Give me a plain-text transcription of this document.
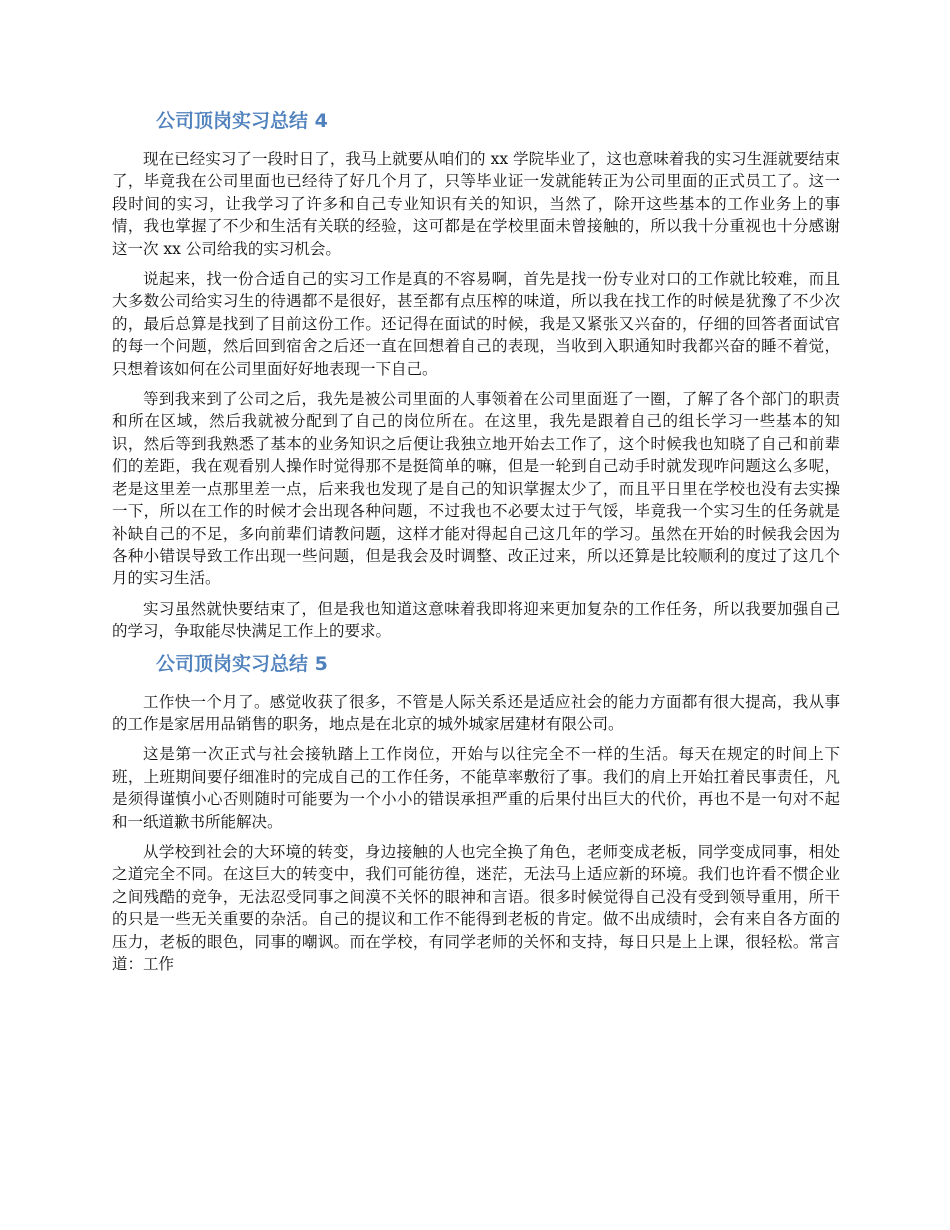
公司顶岗实习总结 4

现在已经实习了一段时日了，我马上就要从咱们的 xx 学院毕业了，这也意味着我的实习生涯就要结束了，毕竟我在公司里面也已经待了好几个月了，只等毕业证一发就能转正为公司里面的正式员工了。这一段时间的实习，让我学习了许多和自己专业知识有关的知识，当然了，除开这些基本的工作业务上的事情，我也掌握了不少和生活有关联的经验，这可都是在学校里面未曾接触的，所以我十分重视也十分感谢这一次 xx 公司给我的实习机会。

说起来，找一份合适自己的实习工作是真的不容易啊，首先是找一份专业对口的工作就比较难，而且大多数公司给实习生的待遇都不是很好，甚至都有点压榨的味道，所以我在找工作的时候是犹豫了不少次的，最后总算是找到了目前这份工作。还记得在面试的时候，我是又紧张又兴奋的，仔细的回答者面试官的每一个问题，然后回到宿舍之后还一直在回想着自己的表现，当收到入职通知时我都兴奋的睡不着觉，只想着该如何在公司里面好好地表现一下自己。

等到我来到了公司之后，我先是被公司里面的人事领着在公司里面逛了一圈，了解了各个部门的职责和所在区域，然后我就被分配到了自己的岗位所在。在这里，我先是跟着自己的组长学习一些基本的知识，然后等到我熟悉了基本的业务知识之后便让我独立地开始去工作了，这个时候我也知晓了自己和前辈们的差距，我在观看别人操作时觉得那不是挺简单的嘛，但是一轮到自己动手时就发现咋问题这么多呢，老是这里差一点那里差一点，后来我也发现了是自己的知识掌握太少了，而且平日里在学校也没有去实操一下，所以在工作的时候才会出现各种问题，不过我也不必要太过于气馁，毕竟我一个实习生的任务就是补缺自己的不足，多向前辈们请教问题，这样才能对得起自己这几年的学习。虽然在开始的时候我会因为各种小错误导致工作出现一些问题，但是我会及时调整、改正过来，所以还算是比较顺利的度过了这几个月的实习生活。

实习虽然就快要结束了，但是我也知道这意味着我即将迎来更加复杂的工作任务，所以我要加强自己的学习，争取能尽快满足工作上的要求。

公司顶岗实习总结 5

工作快一个月了。感觉收获了很多，不管是人际关系还是适应社会的能力方面都有很大提高，我从事的工作是家居用品销售的职务，地点是在北京的城外城家居建材有限公司。

这是第一次正式与社会接轨踏上工作岗位，开始与以往完全不一样的生活。每天在规定的时间上下班，上班期间要仔细准时的完成自己的工作任务，不能草率敷衍了事。我们的肩上开始扛着民事责任，凡是须得谨慎小心否则随时可能要为一个小小的错误承担严重的后果付出巨大的代价，再也不是一句对不起和一纸道歉书所能解决。

从学校到社会的大环境的转变，身边接触的人也完全换了角色，老师变成老板，同学变成同事，相处之道完全不同。在这巨大的转变中，我们可能彷徨，迷茫，无法马上适应新的环境。我们也许看不惯企业之间残酷的竞争，无法忍受同事之间漠不关怀的眼神和言语。很多时候觉得自己没有受到领导重用，所干的只是一些无关重要的杂活。自己的提议和工作不能得到老板的肯定。做不出成绩时，会有来自各方面的压力，老板的眼色，同事的嘲讽。而在学校，有同学老师的关怀和支持，每日只是上上课，很轻松。常言道：工作
